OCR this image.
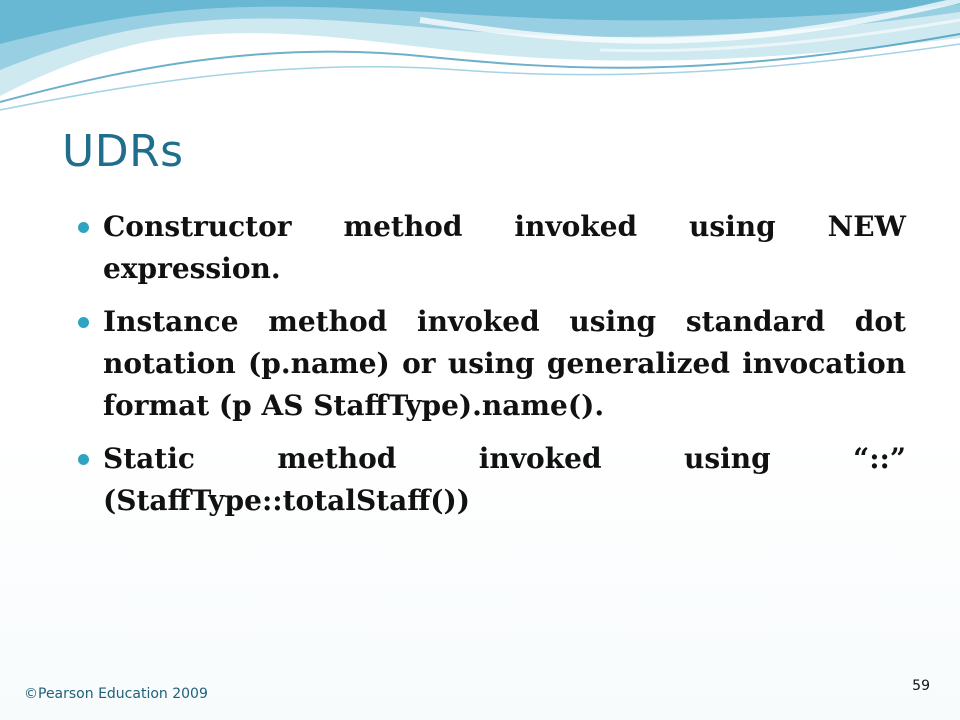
UDRs
Constructor method invoked using NEW expression.
Instance method invoked using standard dot notation (p.name) or using generalized invocation format (p AS StaffType).name().
Static method invoked using “::” (StaffType::totalStaff())
©Pearson Education 2009	59
